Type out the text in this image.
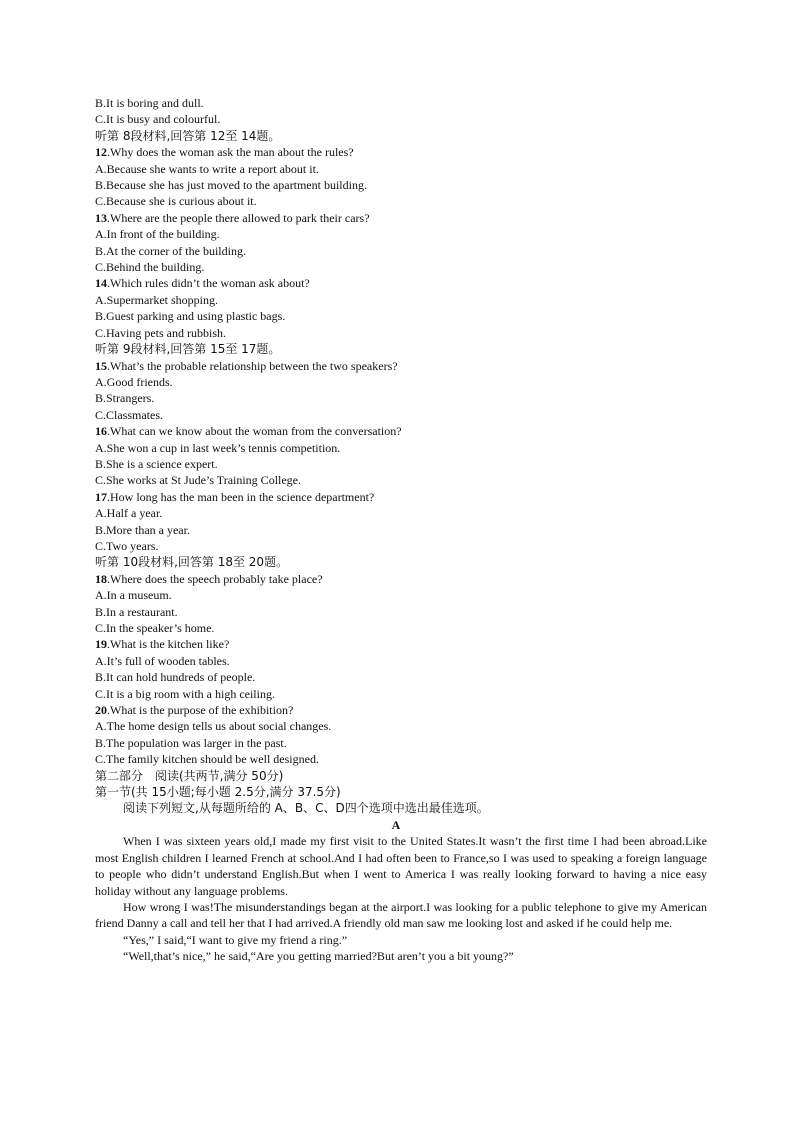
B.It is boring and dull.
C.It is busy and colourful.
听第 8段材料,回答第 12至 14题。
12.Why does the woman ask the man about the rules?
A.Because she wants to write a report about it.
B.Because she has just moved to the apartment building.
C.Because she is curious about it.
13.Where are the people there allowed to park their cars?
A.In front of the building.
B.At the corner of the building.
C.Behind the building.
14.Which rules didn’t the woman ask about?
A.Supermarket shopping.
B.Guest parking and using plastic bags.
C.Having pets and rubbish.
听第 9段材料,回答第 15至 17题。
15.What’s the probable relationship between the two speakers?
A.Good friends.
B.Strangers.
C.Classmates.
16.What can we know about the woman from the conversation?
A.She won a cup in last week’s tennis competition.
B.She is a science expert.
C.She works at St Jude’s Training College.
17.How long has the man been in the science department?
A.Half a year.
B.More than a year.
C.Two years.
听第 10段材料,回答第 18至 20题。
18.Where does the speech probably take place?
A.In a museum.
B.In a restaurant.
C.In the speaker’s home.
19.What is the kitchen like?
A.It’s full of wooden tables.
B.It can hold hundreds of people.
C.It is a big room with a high ceiling.
20.What is the purpose of the exhibition?
A.The home design tells us about social changes.
B.The population was larger in the past.
C.The family kitchen should be well designed.
第二部分　阅读(共两节,满分 50分)
第一节(共 15小题;每小题 2.5分,满分 37.5分)
阅读下列短文,从每题所给的 A、B、C、D四个选项中选出最佳选项。
A
When I was sixteen years old,I made my first visit to the United States.It wasn’t the first time I had been abroad.Like most English children I learned French at school.And I had often been to France,so I was used to speaking a foreign language to people who didn’t understand English.But when I went to America I was really looking forward to having a nice easy holiday without any language problems.
How wrong I was!The misunderstandings began at the airport.I was looking for a public telephone to give my American friend Danny a call and tell her that I had arrived.A friendly old man saw me looking lost and asked if he could help me.
“Yes,” I said,“I want to give my friend a ring.”
“Well,that’s nice,” he said,“Are you getting married?But aren’t you a bit young?”
